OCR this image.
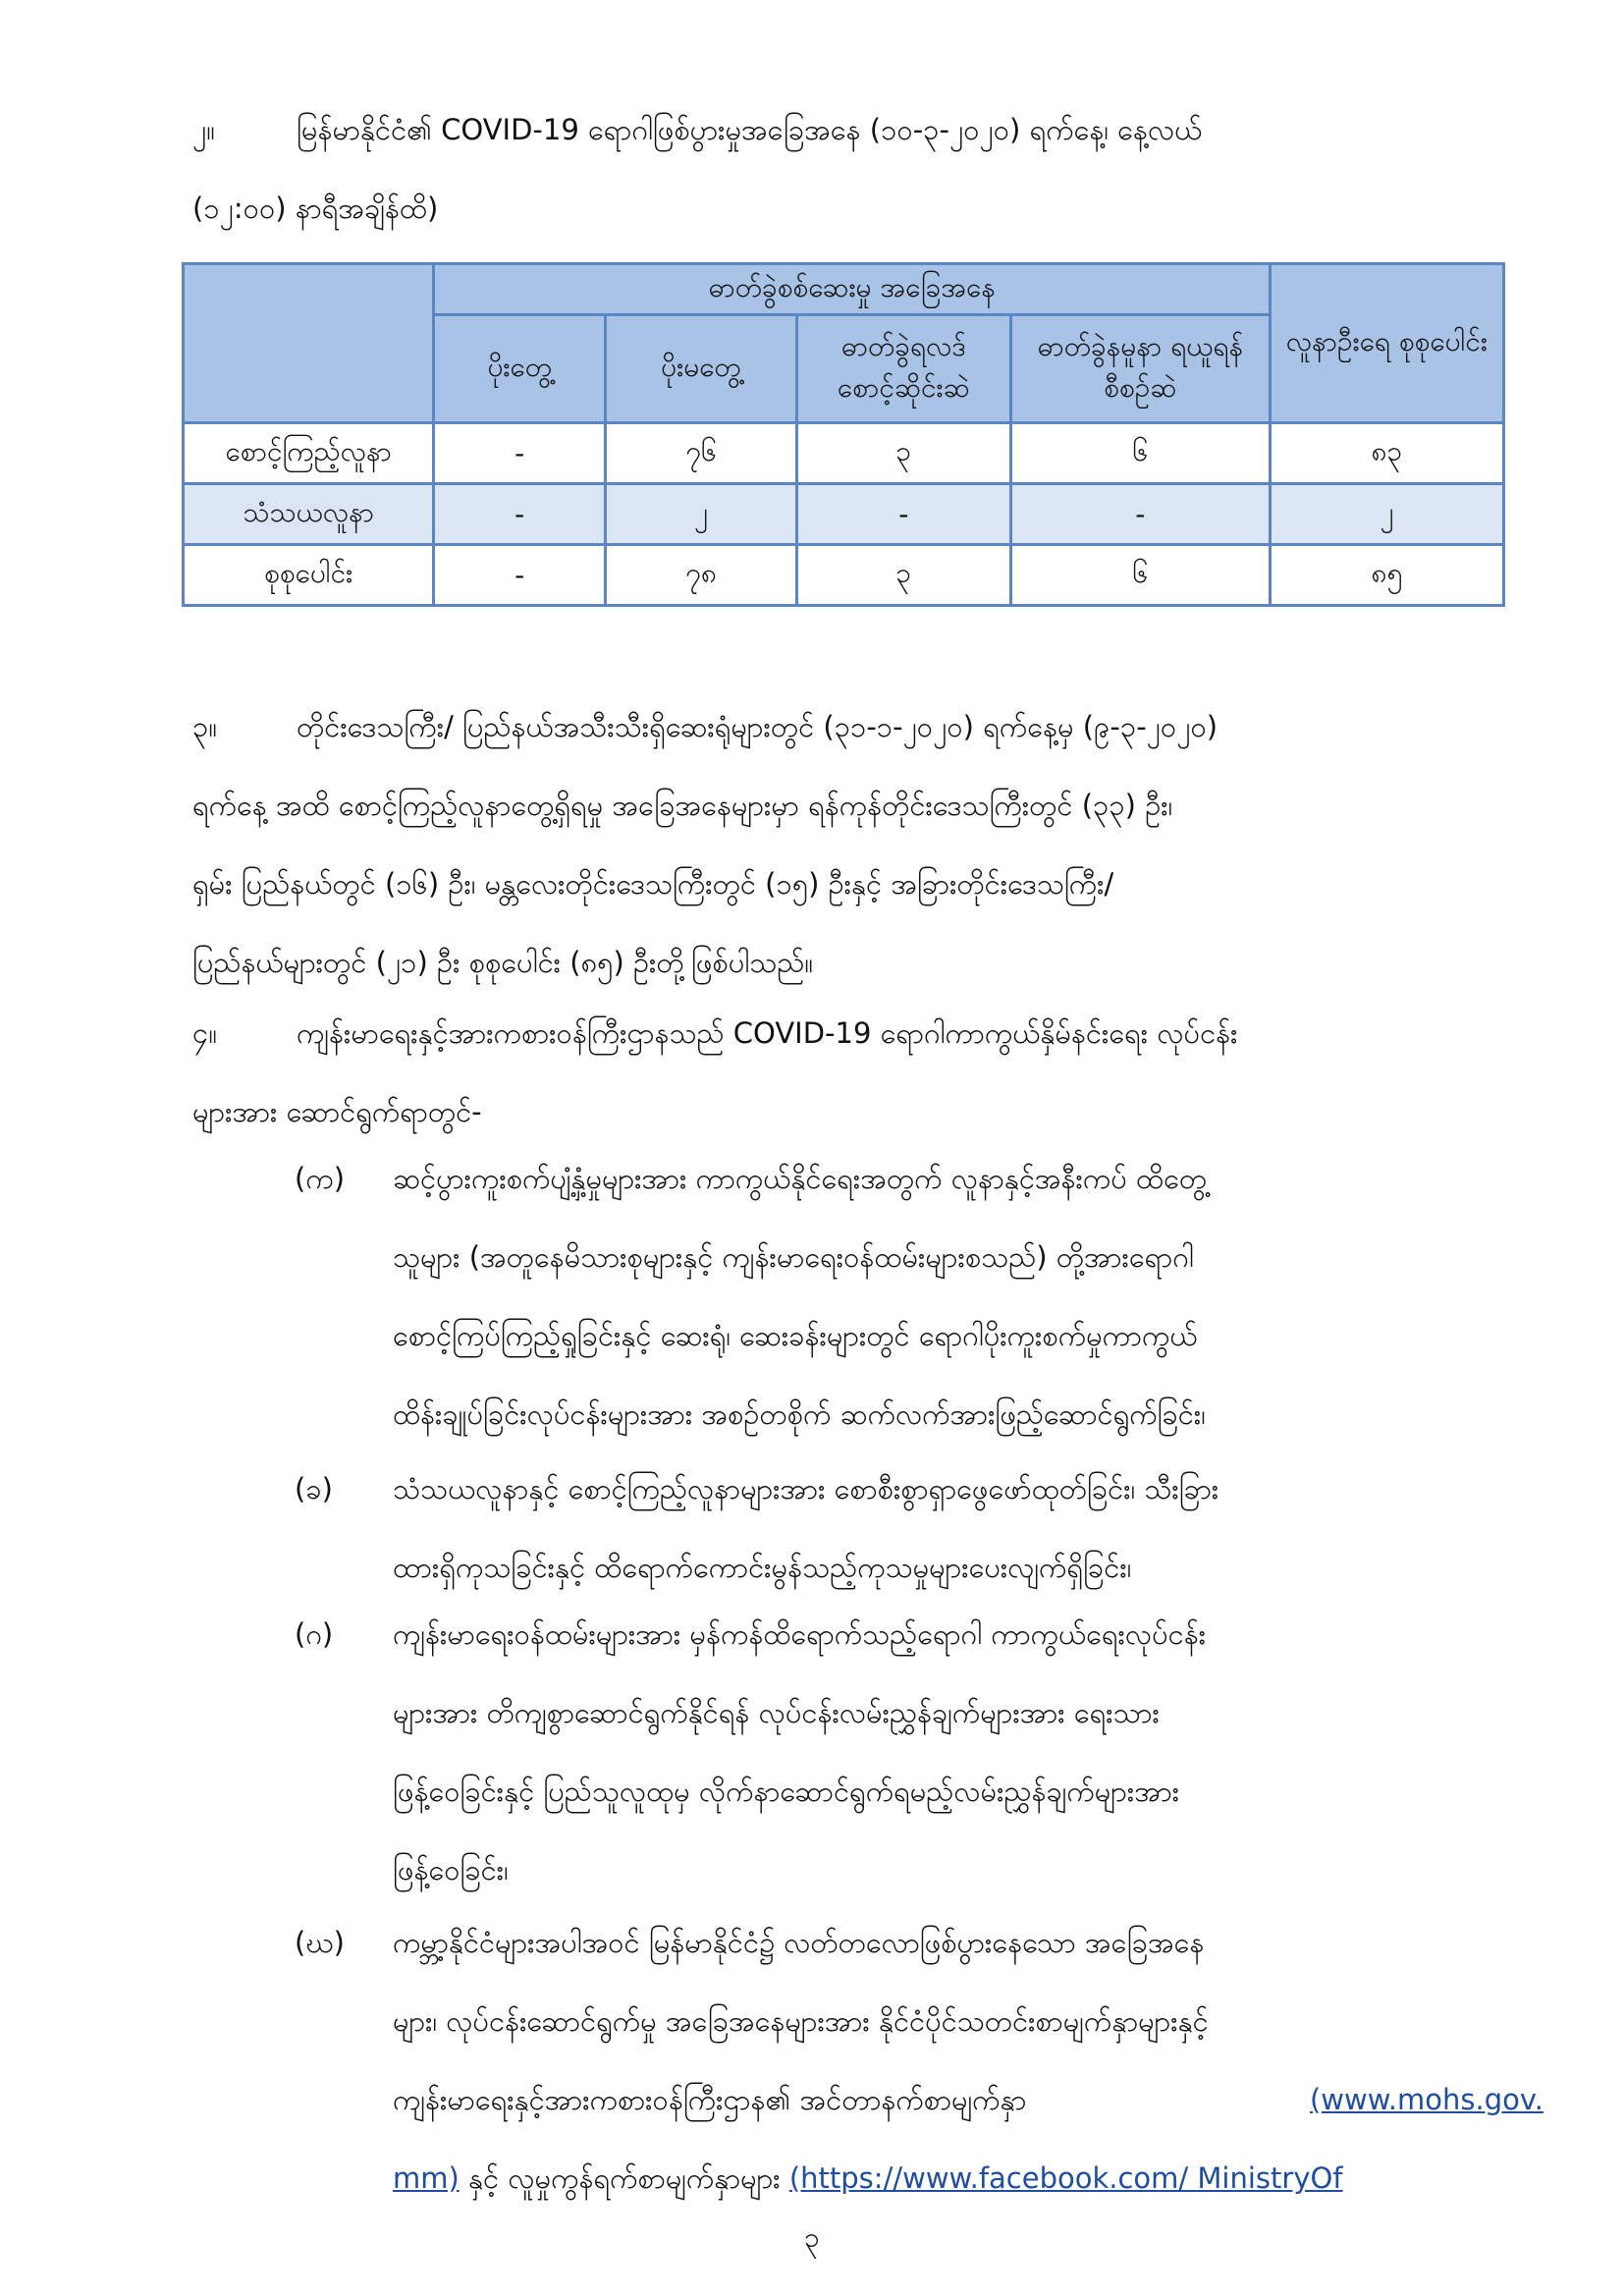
၂။	မြန်မာနိုင်ငံ၏ COVID-19 ရောဂါဖြစ်ပွားမှုအခြေအနေ (၁၀-၃-၂၀၂၀) ရက်နေ့၊ နေ့လယ်
(၁၂:၀၀) နာရီအချိန်ထိ)
	ဓာတ်ခွဲစစ်ဆေးမှု အခြေအနေ				လူနာဦးရေ စုစုပေါင်း
	ပိုးတွေ့	ပိုးမတွေ့	ဓာတ်ခွဲရလဒ် စောင့်ဆိုင်းဆဲ	ဓာတ်ခွဲနမူနာ ရယူရန် စီစဉ်ဆဲ	
စောင့်ကြည့်လူနာ	-	၇၆	၃	၆	၈၃
သံသယလူနာ	-	၂	-	-	၂
စုစုပေါင်း	-	၇၈	၃	၆	၈၅
၃။	တိုင်းဒေသကြီး/ ပြည်နယ်အသီးသီးရှိဆေးရုံများတွင် (၃၁-၁-၂၀၂၀) ရက်နေ့မှ (၉-၃-၂၀၂၀)
ရက်နေ့ အထိ စောင့်ကြည့်လူနာတွေ့ရှိရမှု အခြေအနေများမှာ ရန်ကုန်တိုင်းဒေသကြီးတွင် (၃၃) ဦး၊
ရှမ်း ပြည်နယ်တွင် (၁၆) ဦး၊ မန္တလေးတိုင်းဒေသကြီးတွင် (၁၅) ဦးနှင့် အခြားတိုင်းဒေသကြီး/
ပြည်နယ်များတွင် (၂၁) ဦး စုစုပေါင်း (၈၅) ဦးတို့ဖြစ်ပါသည်။
၄။	ကျန်းမာရေးနှင့်အားကစားဝန်ကြီးဌာနသည် COVID-19 ရောဂါကာကွယ်နှိမ်နင်းရေး လုပ်ငန်း
များအား ဆောင်ရွက်ရာတွင်-
(က)	ဆင့်ပွားကူးစက်ပျံ့နှံ့မှုများအား ကာကွယ်နိုင်ရေးအတွက် လူနာနှင့်အနီးကပ် ထိတွေ့
သူများ (အတူနေမိသားစုများနှင့် ကျန်းမာရေးဝန်ထမ်းများစသည်) တို့အားရောဂါ
စောင့်ကြပ်ကြည့်ရှုခြင်းနှင့် ဆေးရုံ၊ ဆေးခန်းများတွင် ရောဂါပိုးကူးစက်မှုကာကွယ်
ထိန်းချုပ်ခြင်းလုပ်ငန်းများအား အစဉ်တစိုက် ဆက်လက်အားဖြည့်ဆောင်ရွက်ခြင်း၊
(ခ)	သံသယလူနာနှင့် စောင့်ကြည့်လူနာများအား စောစီးစွာရှာဖွေဖော်ထုတ်ခြင်း၊ သီးခြား
ထားရှိကုသခြင်းနှင့် ထိရောက်ကောင်းမွန်သည့်ကုသမှုများပေးလျက်ရှိခြင်း၊
(ဂ)	ကျန်းမာရေးဝန်ထမ်းများအား မှန်ကန်ထိရောက်သည့်ရောဂါ ကာကွယ်ရေးလုပ်ငန်း
များအား တိကျစွာဆောင်ရွက်နိုင်ရန် လုပ်ငန်းလမ်းညွှန်ချက်များအား ရေးသား
ဖြန့်ဝေခြင်းနှင့် ပြည်သူလူထုမှ လိုက်နာဆောင်ရွက်ရမည့်လမ်းညွှန်ချက်များအား
ဖြန့်ဝေခြင်း၊
(ဃ)	ကမ္ဘာ့နိုင်ငံများအပါအဝင် မြန်မာနိုင်ငံ၌ လတ်တလောဖြစ်ပွားနေသော အခြေအနေ
များ၊ လုပ်ငန်းဆောင်ရွက်မှု အခြေအနေများအား နိုင်ငံပိုင်သတင်းစာမျက်နှာများနှင့်
ကျန်းမာရေးနှင့်အားကစားဝန်ကြီးဌာန၏ အင်တာနက်စာမျက်နှာ	(www.mohs.gov.
mm) နှင့် လူမှုကွန်ရက်စာမျက်နှာများ (https://www.facebook.com/ MinistryOf
၃
